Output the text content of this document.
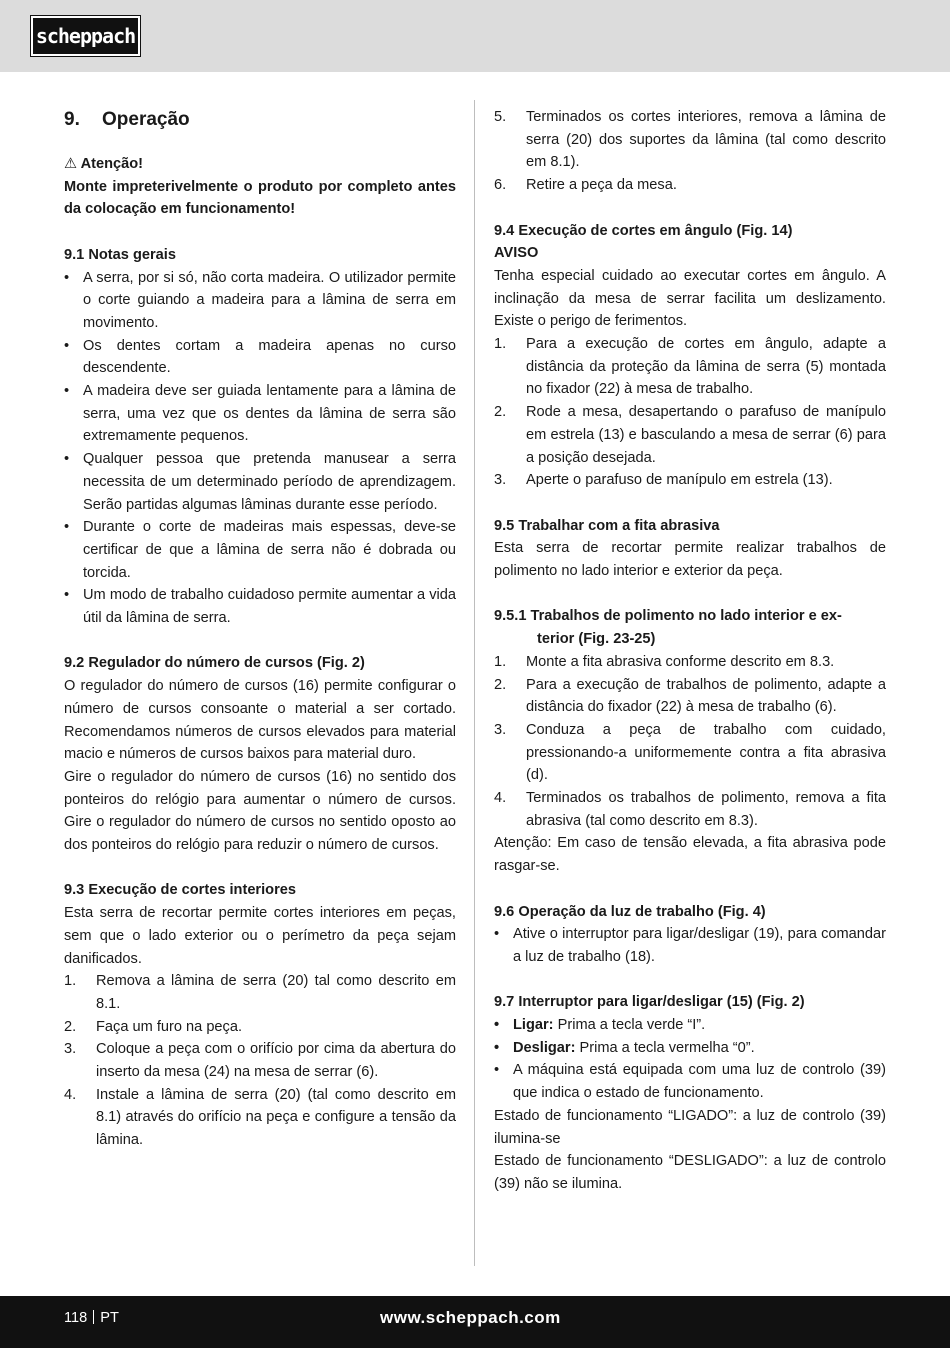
scheppach
9.	Operação

⚠ Atenção!

Monte impreterivelmente o produto por completo antes da colocação em funcionamento!

9.1 Notas gerais

• A serra, por si só, não corta madeira. O utilizador permite o corte guiando a madeira para a lâmina de serra em movimento.
• Os dentes cortam a madeira apenas no curso descendente.
• A madeira deve ser guiada lentamente para a lâmina de serra, uma vez que os dentes da lâmina de serra são extremamente pequenos.
• Qualquer pessoa que pretenda manusear a serra necessita de um determinado período de aprendizagem. Serão partidas algumas lâminas durante esse período.
• Durante o corte de madeiras mais espessas, deve-se certificar de que a lâmina de serra não é dobrada ou torcida.
• Um modo de trabalho cuidadoso permite aumentar a vida útil da lâmina de serra.

9.2 Regulador do número de cursos (Fig. 2)

O regulador do número de cursos (16) permite configurar o número de cursos consoante o material a ser cortado. Recomendamos números de cursos elevados para material macio e números de cursos baixos para material duro.

Gire o regulador do número de cursos (16) no sentido dos ponteiros do relógio para aumentar o número de cursos. Gire o regulador do número de cursos no sentido oposto ao dos ponteiros do relógio para reduzir o número de cursos.

9.3 Execução de cortes interiores

Esta serra de recortar permite cortes interiores em peças, sem que o lado exterior ou o perímetro da peça sejam danificados.

1.	Remova a lâmina de serra (20) tal como descrito em 8.1.
2.	Faça um furo na peça.
3.	Coloque a peça com o orifício por cima da abertura do inserto da mesa (24) na mesa de serrar (6).
4.	Instale a lâmina de serra (20) (tal como descrito em 8.1) através do orifício na peça e configure a tensão da lâmina.
5.	Terminados os cortes interiores, remova a lâmina de serra (20) dos suportes da lâmina (tal como descrito em 8.1).
6.	Retire a peça da mesa.

9.4 Execução de cortes em ângulo (Fig. 14)

AVISO

Tenha especial cuidado ao executar cortes em ângulo. A inclinação da mesa de serrar facilita um deslizamento. Existe o perigo de ferimentos.

1.	Para a execução de cortes em ângulo, adapte a distância da proteção da lâmina de serra (5) montada no fixador (22) à mesa de trabalho.
2.	Rode a mesa, desapertando o parafuso de manípulo em estrela (13) e basculando a mesa de serrar (6) para a posição desejada.
3.	Aperte o parafuso de manípulo em estrela (13).

9.5 Trabalhar com a fita abrasiva

Esta serra de recortar permite realizar trabalhos de polimento no lado interior e exterior da peça.

9.5.1 Trabalhos de polimento no lado interior e ex-

terior (Fig. 23-25)

1.	Monte a fita abrasiva conforme descrito em 8.3.
2.	Para a execução de trabalhos de polimento, adapte a distância do fixador (22) à mesa de trabalho (6).
3.	Conduza a peça de trabalho com cuidado, pressionando-a uniformemente contra a fita abrasiva (d).
4.	Terminados os trabalhos de polimento, remova a fita abrasiva (tal como descrito em 8.3).

Atenção: Em caso de tensão elevada, a fita abrasiva pode rasgar-se.

9.6 Operação da luz de trabalho (Fig. 4)

• Ative o interruptor para ligar/desligar (19), para comandar a luz de trabalho (18).

9.7 Interruptor para ligar/desligar (15) (Fig. 2)

• Ligar: Prima a tecla verde “I”.
• Desligar: Prima a tecla vermelha “0”.
• A máquina está equipada com uma luz de controlo (39) que indica o estado de funcionamento.

Estado de funcionamento “LIGADO”: a luz de controlo (39) ilumina-se

Estado de funcionamento “DESLIGADO”: a luz de controlo (39) não se ilumina.

118 PT	www.scheppach.com
